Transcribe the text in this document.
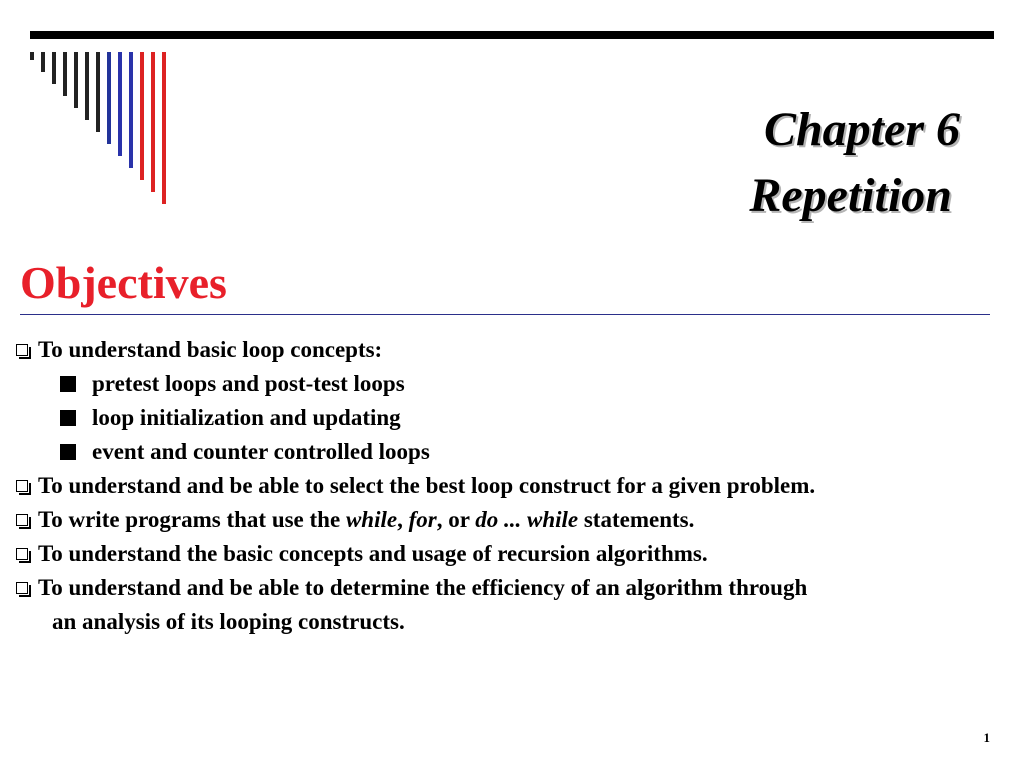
Chapter 6
Repetition
Objectives
To understand basic loop concepts:
pretest loops and post-test loops
loop initialization and updating
event and counter controlled loops
To understand and be able to select the best loop construct for a given problem.
To write programs that use the while, for, or do ... while statements.
To understand the basic concepts and usage of recursion algorithms.
To understand and be able to determine the efficiency of an algorithm through
an analysis of its looping constructs.
1
